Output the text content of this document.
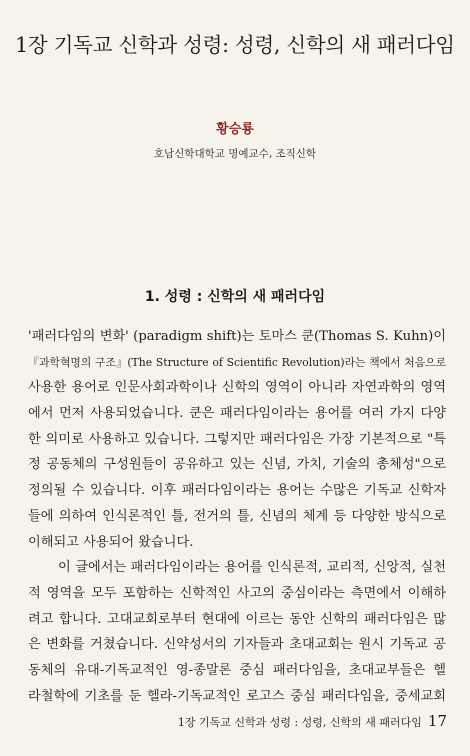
1장 기독교 신학과 성령: 성령, 신학의 새 패러다임
황승룡
호남신학대학교 명예교수, 조직신학
1. 성령 : 신학의 새 패러다임
'패러다임의 변화' (paradigm shift)는 토마스 쿤(Thomas S. Kuhn)이
『과학혁명의 구조』(The Structure of Scientific Revolution)라는 책에서 처음으로
사용한 용어로 인문사회과학이나 신학의 영역이 아니라 자연과학의 영역
에서 먼저 사용되었습니다. 쿤은 패러다임이라는 용어를 여러 가지 다양
한 의미로 사용하고 있습니다. 그렇지만 패러다임은 가장 기본적으로 "특
정 공동체의 구성원들이 공유하고 있는 신념, 가치, 기술의 총체성"으로
정의될 수 있습니다. 이후 패러다임이라는 용어는 수많은 기독교 신학자
들에 의하여 인식론적인 틀, 전거의 틀, 신념의 체계 등 다양한 방식으로
이해되고 사용되어 왔습니다.
이 글에서는 패러다임이라는 용어를 인식론적, 교리적, 신앙적, 실천
적 영역을 모두 포함하는 신학적인 사고의 중심이라는 측면에서 이해하
려고 합니다. 고대교회로부터 현대에 이르는 동안 신학의 패러다임은 많
은 변화를 거쳤습니다. 신약성서의 기자들과 초대교회는 원시 기독교 공
동체의 유대-기독교적인 영-종말론 중심 패러다임을, 초대교부들은 헬
라철학에 기초를 둔 헬라-기독교적인 로고스 중심 패러다임을, 중세교회
1장 기독교 신학과 성령 : 성령, 신학의 새 패러다임 17
